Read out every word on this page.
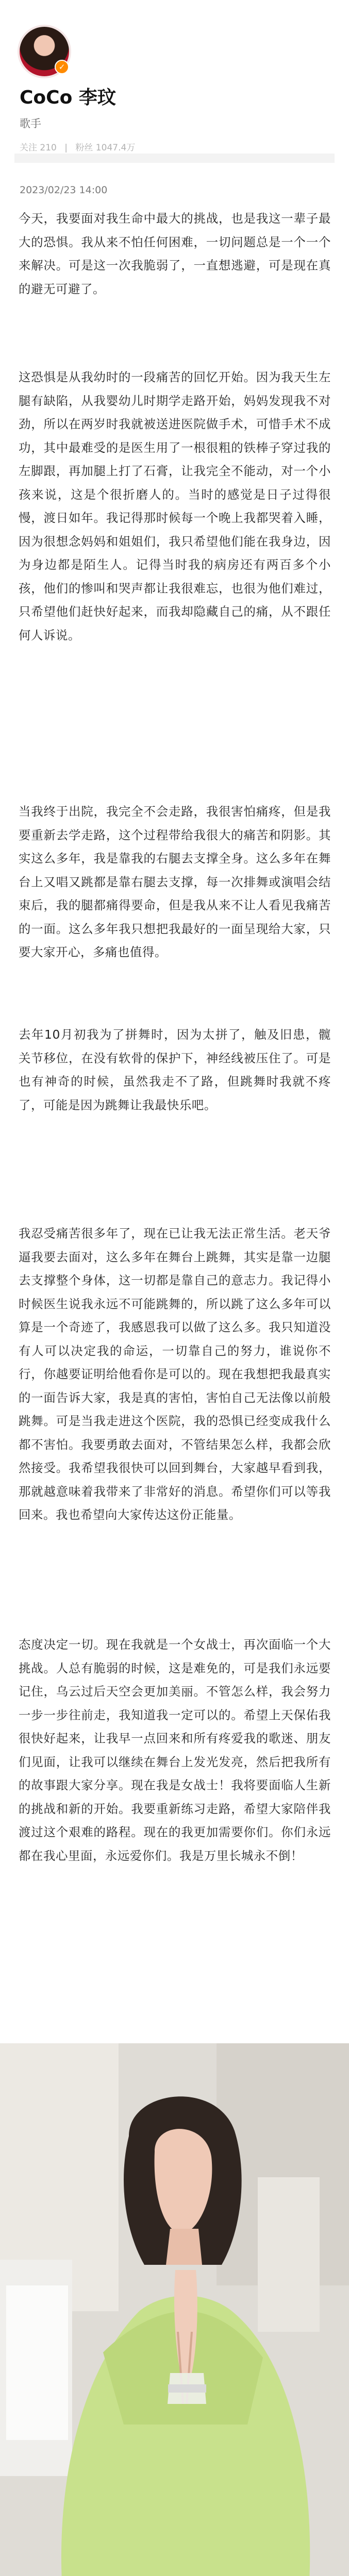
✓
CoCo 李玟
歌手
关注 210 | 粉丝 1047.4万
2023/02/23 14:00

今天，我要面对我生命中最大的挑战，也是我这一辈子最大的恐惧。我从来不怕任何困难，一切问题总是一个一个来解决。可是这一次我脆弱了，一直想逃避，可是现在真的避无可避了。

这恐惧是从我幼时的一段痛苦的回忆开始。因为我天生左腿有缺陷，从我婴幼儿时期学走路开始，妈妈发现我不对劲，所以在两岁时我就被送进医院做手术，可惜手术不成功，其中最难受的是医生用了一根很粗的铁棒子穿过我的左脚跟，再加腿上打了石膏，让我完全不能动，对一个小孩来说，这是个很折磨人的。当时的感觉是日子过得很慢，渡日如年。我记得那时候每一个晚上我都哭着入睡，因为很想念妈妈和姐姐们，我只希望他们能在我身边，因为身边都是陌生人。记得当时我的病房还有两百多个小孩，他们的惨叫和哭声都让我很难忘，也很为他们难过，只希望他们赶快好起来，而我却隐藏自己的痛，从不跟任何人诉说。

当我终于出院，我完全不会走路，我很害怕痛疼，但是我要重新去学走路，这个过程带给我很大的痛苦和阴影。其实这么多年，我是靠我的右腿去支撑全身。这么多年在舞台上又唱又跳都是靠右腿去支撑，每一次排舞或演唱会结束后，我的腿都痛得要命，但是我从来不让人看见我痛苦的一面。这么多年我只想把我最好的一面呈现给大家，只要大家开心，多痛也值得。

去年10月初我为了拼舞时，因为太拼了，触及旧患，髋关节移位，在没有软骨的保护下，神经线被压住了。可是也有神奇的时候，虽然我走不了路，但跳舞时我就不疼了，可能是因为跳舞让我最快乐吧。

我忍受痛苦很多年了，现在已让我无法正常生活。老天爷逼我要去面对，这么多年在舞台上跳舞，其实是靠一边腿去支撑整个身体，这一切都是靠自己的意志力。我记得小时候医生说我永远不可能跳舞的，所以跳了这么多年可以算是一个奇迹了，我感恩我可以做了这么多。我只知道没有人可以决定我的命运，一切靠自己的努力，谁说你不行，你越要证明给他看你是可以的。现在我想把我最真实的一面告诉大家，我是真的害怕，害怕自己无法像以前般跳舞。可是当我走进这个医院，我的恐惧已经变成我什么都不害怕。我要勇敢去面对，不管结果怎么样，我都会欣然接受。我希望我很快可以回到舞台，大家越早看到我，那就越意味着我带来了非常好的消息。希望你们可以等我回来。我也希望向大家传达这份正能量。

态度决定一切。现在我就是一个女战士，再次面临一个大挑战。人总有脆弱的时候，这是难免的，可是我们永远要记住，乌云过后天空会更加美丽。不管怎么样，我会努力一步一步往前走，我知道我一定可以的。希望上天保佑我很快好起来，让我早一点回来和所有疼爱我的歌迷、朋友们见面，让我可以继续在舞台上发光发亮，然后把我所有的故事跟大家分享。现在我是女战士！我将要面临人生新的挑战和新的开始。我要重新练习走路，希望大家陪伴我渡过这个艰难的路程。现在的我更加需要你们。你们永远都在我心里面，永远爱你们。我是万里长城永不倒！
